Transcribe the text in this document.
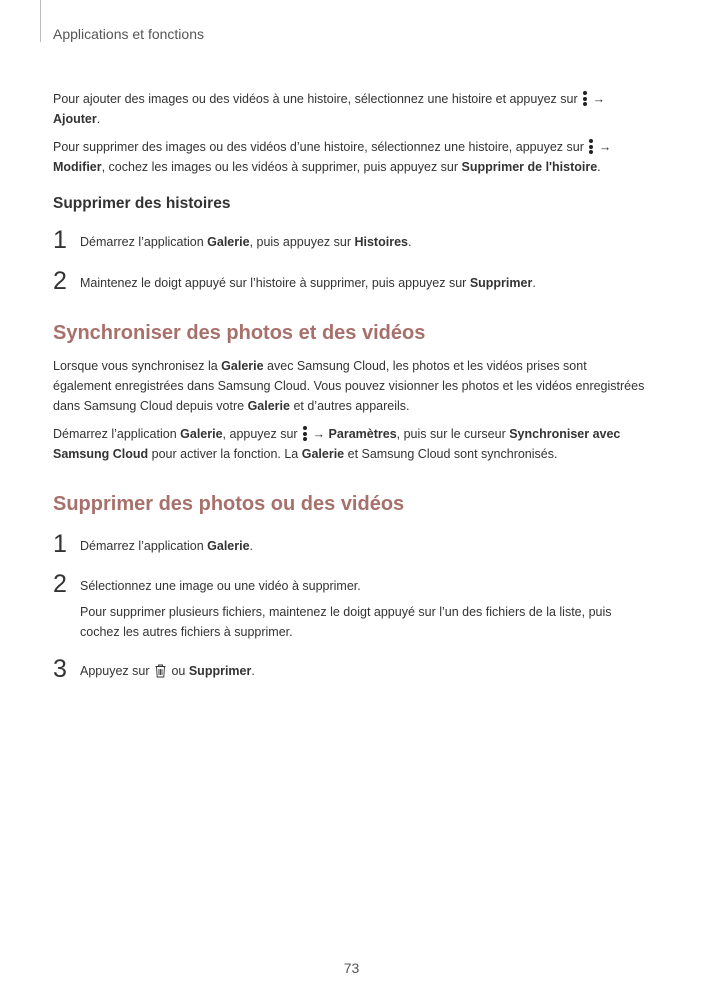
Applications et fonctions

Pour ajouter des images ou des vidéos à une histoire, sélectionnez une histoire et appuyez sur → Ajouter.

Pour supprimer des images ou des vidéos d’une histoire, sélectionnez une histoire, appuyez sur → Modifier, cochez les images ou les vidéos à supprimer, puis appuyez sur Supprimer de l'histoire.

Supprimer des histoires
1 Démarrez l’application Galerie, puis appuyez sur Histoires.

2 Maintenez le doigt appuyé sur l’histoire à supprimer, puis appuyez sur Supprimer.

Synchroniser des photos et des vidéos

Lorsque vous synchronisez la Galerie avec Samsung Cloud, les photos et les vidéos prises sont également enregistrées dans Samsung Cloud. Vous pouvez visionner les photos et les vidéos enregistrées dans Samsung Cloud depuis votre Galerie et d’autres appareils.

Démarrez l’application Galerie, appuyez sur → Paramètres, puis sur le curseur Synchroniser avec Samsung Cloud pour activer la fonction. La Galerie et Samsung Cloud sont synchronisés.

Supprimer des photos ou des vidéos
1 Démarrez l’application Galerie.

2 Sélectionnez une image ou une vidéo à supprimer.

Pour supprimer plusieurs fichiers, maintenez le doigt appuyé sur l’un des fichiers de la liste, puis cochez les autres fichiers à supprimer.

3 Appuyez sur ou Supprimer.

73
